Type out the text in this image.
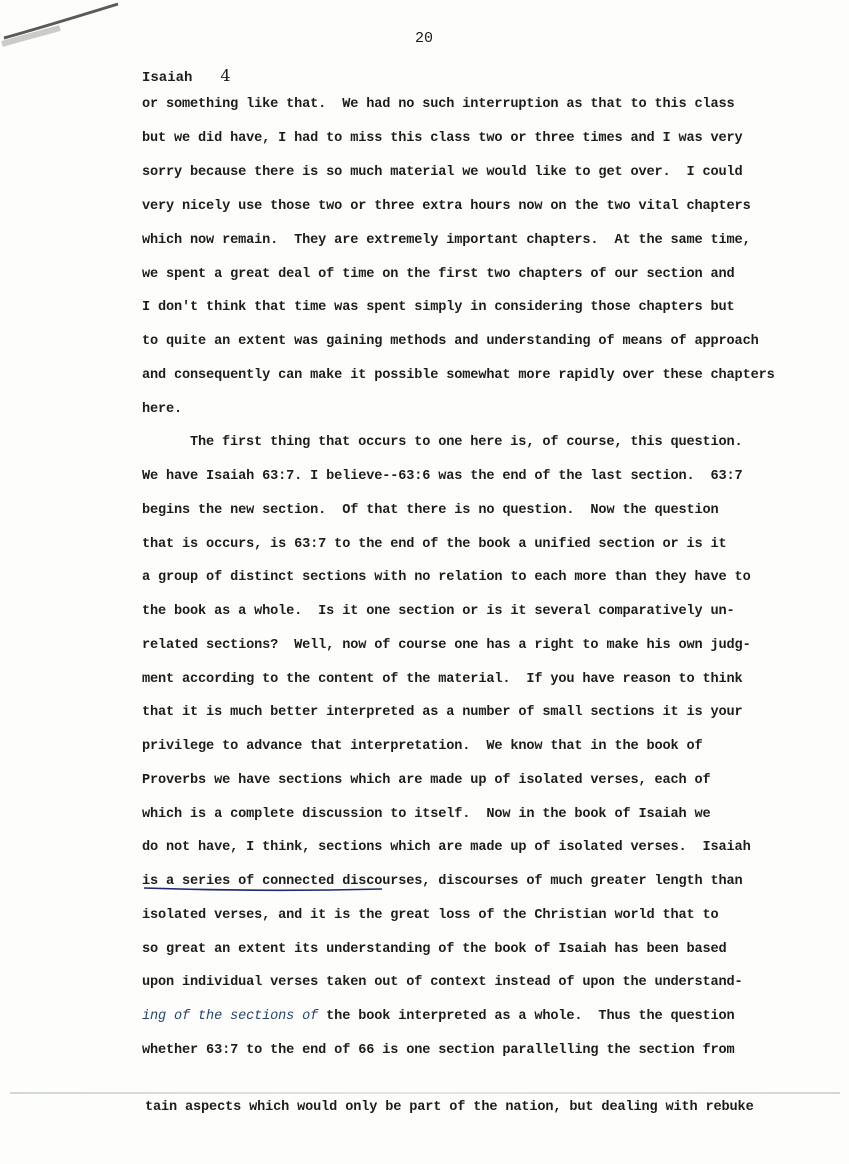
20
Isaiah 4
or something like that.  We had no such interruption as that to this class
but we did have, I had to miss this class two or three times and I was very
sorry because there is so much material we would like to get over.  I could
very nicely use those two or three extra hours now on the two vital chapters
which now remain.  They are extremely important chapters.  At the same time,
we spent a great deal of time on the first two chapters of our section and
I don't think that time was spent simply in considering those chapters but
to quite an extent was gaining methods and understanding of means of approach
and consequently can make it possible somewhat more rapidly over these chapters
here.
The first thing that occurs to one here is, of course, this question.
We have Isaiah 63:7. I believe--63:6 was the end of the last section.  63:7
begins the new section.  Of that there is no question.  Now the question
that is occurs, is 63:7 to the end of the book a unified section or is it
a group of distinct sections with no relation to each more than they have to
the book as a whole.  Is it one section or is it several comparatively un-
related sections?  Well, now of course one has a right to make his own judg-
ment according to the content of the material.  If you have reason to think
that it is much better interpreted as a number of small sections it is your
privilege to advance that interpretation.  We know that in the book of
Proverbs we have sections which are made up of isolated verses, each of
which is a complete discussion to itself.  Now in the book of Isaiah we
do not have, I think, sections which are made up of isolated verses.  Isaiah
is a series of connected discourses, discourses of much greater length than
isolated verses, and it is the great loss of the Christian world that to
so great an extent its understanding of the book of Isaiah has been based
upon individual verses taken out of context instead of upon the understand-
ing of the sections of the book interpreted as a whole.  Thus the question
whether 63:7 to the end of 66 is one section parallelling the section from
tain aspects which would only be part of the nation, but dealing with rebuke
